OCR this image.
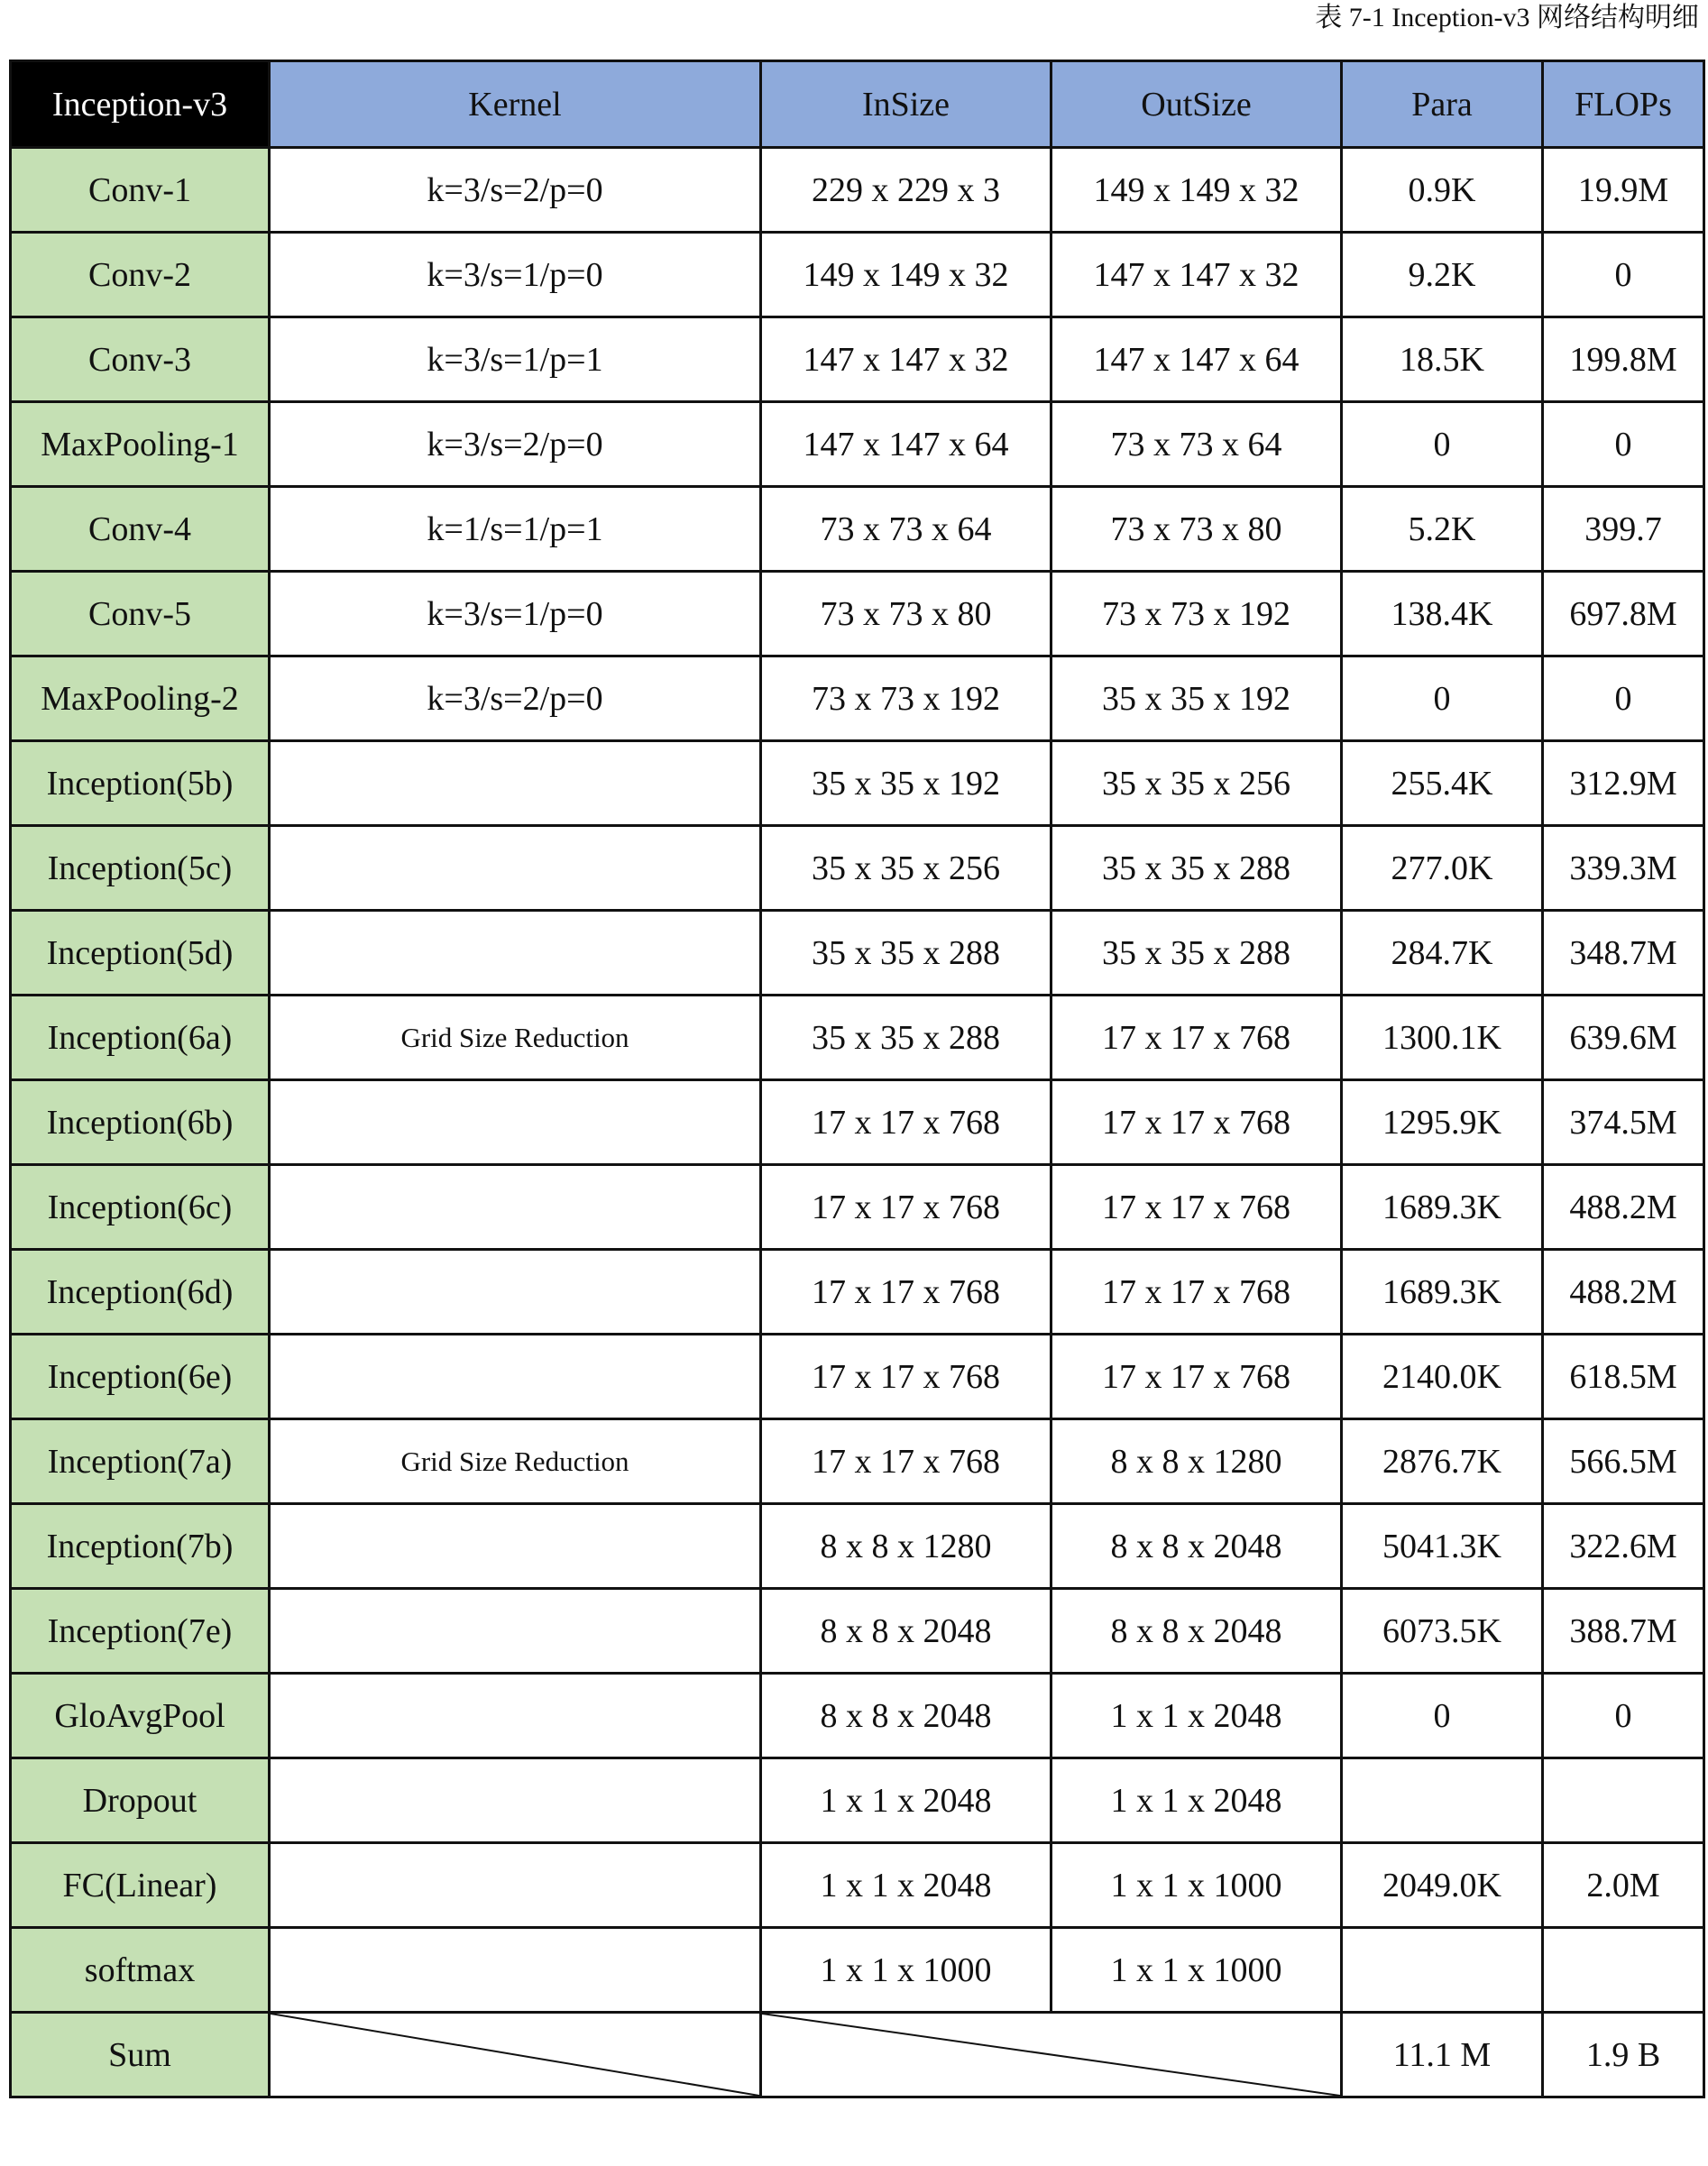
表 7-1 Inception-v3 网络结构明细
Inception-v3	Kernel	InSize	OutSize	Para	FLOPs
Conv-1	k=3/s=2/p=0	229 x 229 x 3	149 x 149 x 32	0.9K	19.9M
Conv-2	k=3/s=1/p=0	149 x 149 x 32	147 x 147 x 32	9.2K	0
Conv-3	k=3/s=1/p=1	147 x 147 x 32	147 x 147 x 64	18.5K	199.8M
MaxPooling-1	k=3/s=2/p=0	147 x 147 x 64	73 x 73 x 64	0	0
Conv-4	k=1/s=1/p=1	73 x 73 x 64	73 x 73 x 80	5.2K	399.7
Conv-5	k=3/s=1/p=0	73 x 73 x 80	73 x 73 x 192	138.4K	697.8M
MaxPooling-2	k=3/s=2/p=0	73 x 73 x 192	35 x 35 x 192	0	0
Inception(5b)		35 x 35 x 192	35 x 35 x 256	255.4K	312.9M
Inception(5c)		35 x 35 x 256	35 x 35 x 288	277.0K	339.3M
Inception(5d)		35 x 35 x 288	35 x 35 x 288	284.7K	348.7M
Inception(6a)	Grid Size Reduction	35 x 35 x 288	17 x 17 x 768	1300.1K	639.6M
Inception(6b)		17 x 17 x 768	17 x 17 x 768	1295.9K	374.5M
Inception(6c)		17 x 17 x 768	17 x 17 x 768	1689.3K	488.2M
Inception(6d)		17 x 17 x 768	17 x 17 x 768	1689.3K	488.2M
Inception(6e)		17 x 17 x 768	17 x 17 x 768	2140.0K	618.5M
Inception(7a)	Grid Size Reduction	17 x 17 x 768	8 x 8 x 1280	2876.7K	566.5M
Inception(7b)		8 x 8 x 1280	8 x 8 x 2048	5041.3K	322.6M
Inception(7e)		8 x 8 x 2048	8 x 8 x 2048	6073.5K	388.7M
GloAvgPool		8 x 8 x 2048	1 x 1 x 2048	0	0
Dropout		1 x 1 x 2048	1 x 1 x 2048		
FC(Linear)		1 x 1 x 2048	1 x 1 x 1000	2049.0K	2.0M
softmax		1 x 1 x 1000	1 x 1 x 1000		
Sum				11.1 M	1.9 B
